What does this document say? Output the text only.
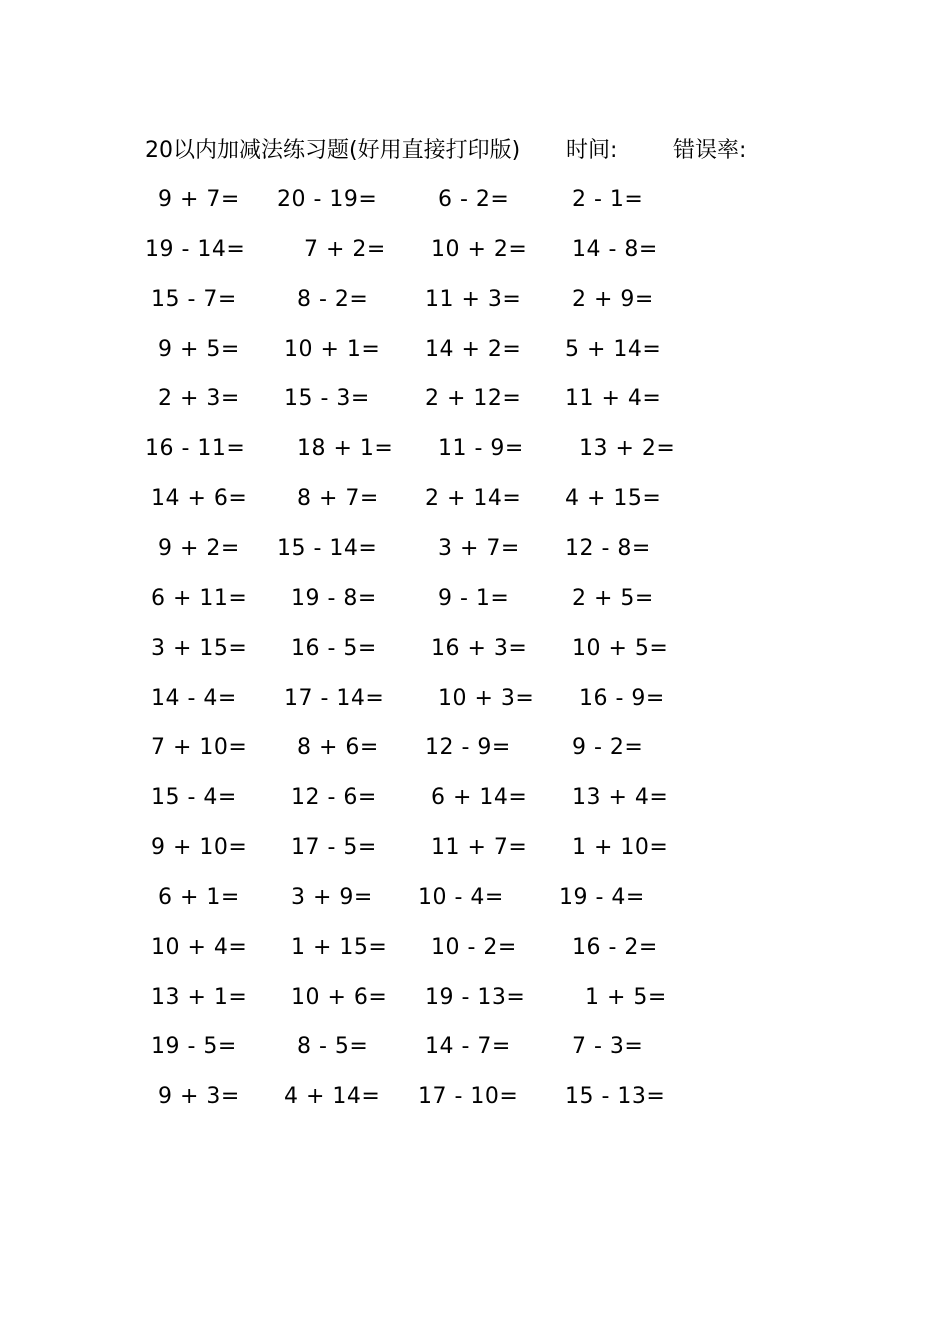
20以内加减法练习题(好用直接打印版) 时间:	错误率:
9 + 7= 20 - 19=	6 - 2=	2 - 1=
19 - 14=	7 + 2= 10 + 2= 14 - 8=
15 - 7=	8 - 2=	11 + 3= 2 + 9=
9 + 5= 10 + 1= 14 + 2= 5 + 14=
2 + 3= 15 - 3=	2 + 12= 11 + 4=
16 - 11= 18 + 1= 11 - 9=	13 + 2=
14 + 6= 8 + 7= 2 + 14= 4 + 15=
9 + 2= 15 - 14=	3 + 7= 12 - 8=
6 + 11= 19 - 8=	9 - 1=	2 + 5=
3 + 15= 16 - 5= 16 + 3= 10 + 5=
14 - 4= 17 - 14= 10 + 3= 16 - 9=
7 + 10= 8 + 6= 12 - 9=	9 - 2=
15 - 4= 12 - 6= 6 + 14= 13 + 4=
9 + 10= 17 - 5= 11 + 7= 1 + 10=
6 + 1= 3 + 9= 10 - 4=	19 - 4=
10 + 4= 1 + 15= 10 - 2=	16 - 2=
13 + 1= 10 + 6= 19 - 13=	1 + 5=
19 - 5=	8 - 5=	14 - 7=	7 - 3=
9 + 3= 4 + 14= 17 - 10= 15 - 13=
